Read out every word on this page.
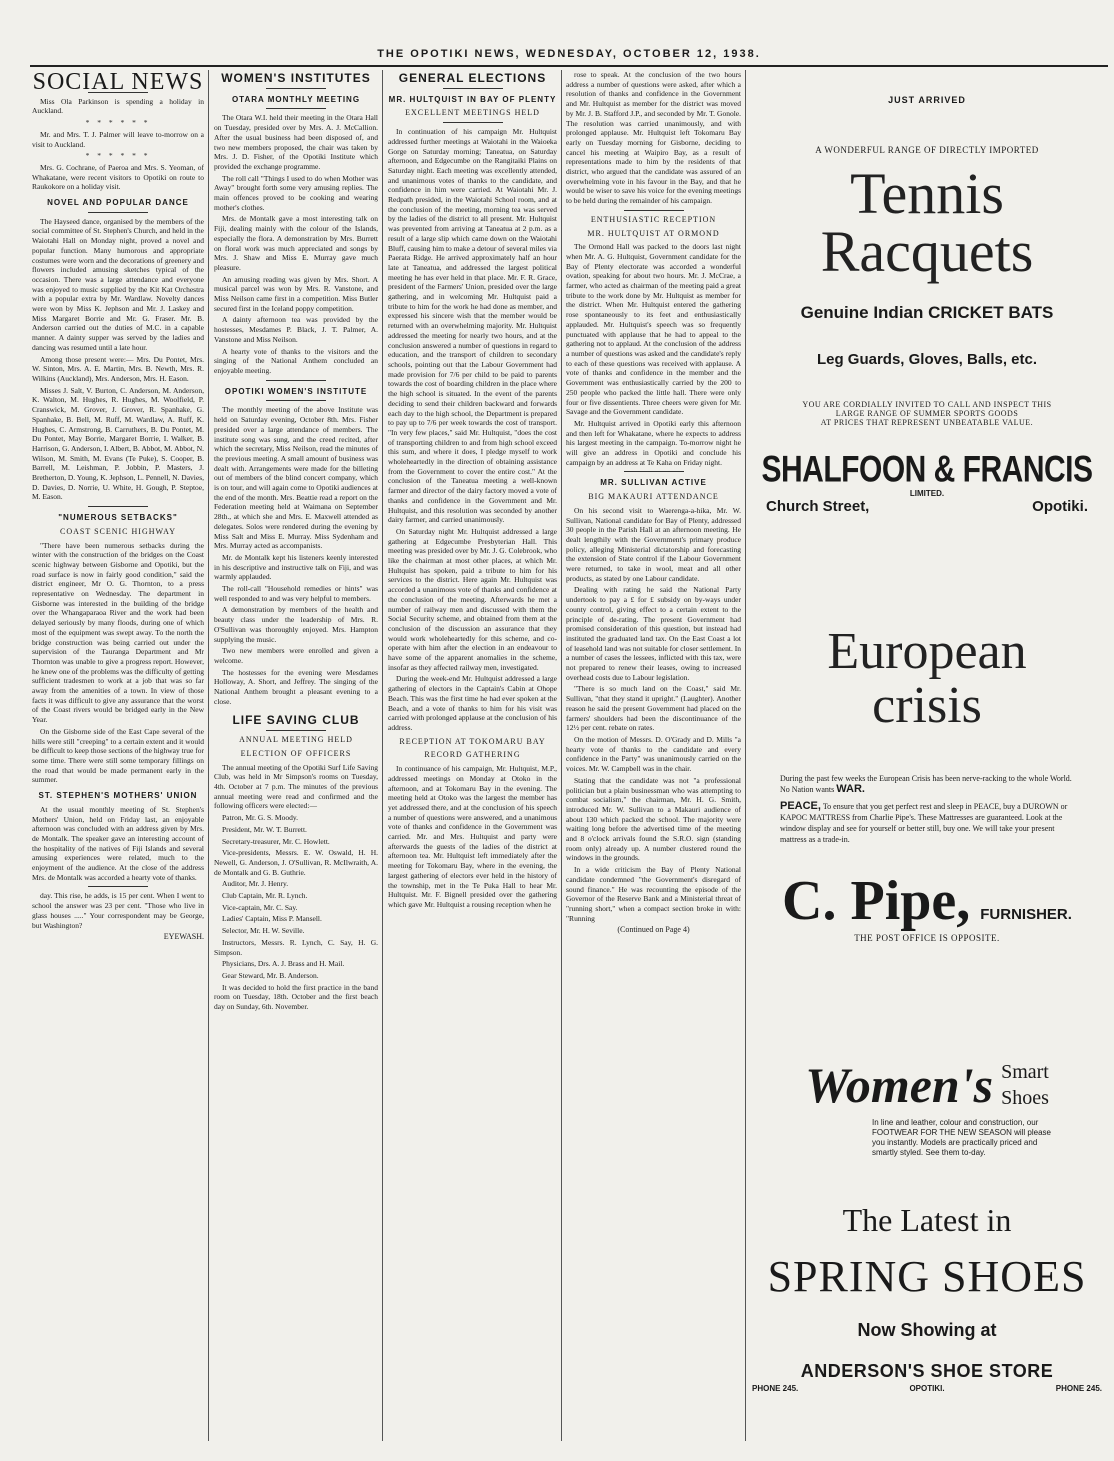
THE OPOTIKI NEWS, WEDNESDAY, OCTOBER 12, 1938.
SOCIAL NEWS

Miss Ola Parkinson is spending a holiday in Auckland.

* * * * * *

Mr. and Mrs. T. J. Palmer will leave to-morrow on a visit to Auckland.

* * * * * *

Mrs. G. Cochrane, of Paeroa and Mrs. S. Yeoman, of Whakatane, were recent visitors to Opotiki on route to Raukokore on a holiday visit.

NOVEL AND POPULAR DANCE

The Hayseed dance, organised by the members of the social committee of St. Stephen's Church, and held in the Waiotahi Hall on Monday night, proved a novel and popular function. Many humorous and appropriate costumes were worn and the decorations of greenery and flowers included amusing sketches typical of the occasion. There was a large attendance and everyone was enjoyed to music supplied by the Kit Kat Orchestra with a popular extra by Mr. Wardlaw. Novelty dances were won by Miss K. Jephson and Mr. J. Laskey and Miss Margaret Borrie and Mr. G. Fraser. Mr. B. Anderson carried out the duties of M.C. in a capable manner. A dainty supper was served by the ladies and dancing was resumed until a late hour.

Among those present were:— Mrs. Du Pontet, Mrs. W. Sinton, Mrs. A. E. Martin, Mrs. B. Newth, Mrs. R. Wilkins (Auckland), Mrs. Anderson, Mrs. H. Eason.

Misses J. Salt, V. Burton, C. Anderson, M. Anderson, K. Walton, M. Hughes, R. Hughes, M. Woolfield, P. Cranswick, M. Grover, J. Grover, R. Spanhake, G. Spanhake, B. Bell, M. Ruff, M. Wardlaw, A. Ruff, K. Hughes, C. Armstrong, B. Carruthers, B. Du Pontet, M. Du Pontet, May Borrie, Margaret Borrie, I. Walker, B. Harrison, G. Anderson, I. Albert, B. Abbot, M. Abbot, N. Wilson, M. Smith, M. Evans (Te Puke), S. Cooper, B. Barrell, M. Leishman, P. Jobbin, P. Masters, J. Bretherton, D. Young, K. Jephson, L. Pennell, N. Davies, D. Davies, D. Norrie, U. White, H. Gough, P. Steptoe, M. Eason.

"NUMEROUS SETBACKS"
COAST SCENIC HIGHWAY

"There have been numerous setbacks during the winter with the construction of the bridges on the Coast scenic highway between Gisborne and Opotiki, but the road surface is now in fairly good condition," said the district engineer, Mr O. G. Thornton, to a press representative on Wednesday. The department in Gisborne was interested in the building of the bridge over the Whangaparaoa River and the work had been delayed seriously by many floods, during one of which most of the equipment was swept away. To the north the bridge construction was being carried out under the supervision of the Tauranga Department and Mr Thornton was unable to give a progress report. However, he knew one of the problems was the difficulty of getting sufficient tradesmen to work at a job that was so far away from the amenities of a town. In view of those facts it was difficult to give any assurance that the worst of the Coast rivers would be bridged early in the New Year.

On the Gisborne side of the East Cape several of the hills were still "creeping" to a certain extent and it would be difficult to keep those sections of the highway true for some time. There were still some temporary fillings on the road that would be made permanent early in the summer.

ST. STEPHEN'S MOTHERS' UNION

At the usual monthly meeting of St. Stephen's Mothers' Union, held on Friday last, an enjoyable afternoon was concluded with an address given by Mrs. de Montalk. The speaker gave an interesting account of the hospitality of the natives of Fiji Islands and several amusing experiences were related, much to the enjoyment of the audience. At the close of the address Mrs. de Montalk was accorded a hearty vote of thanks.

day. This rise, he adds, is 15 per cent. When I went to school the answer was 23 per cent. "Those who live in glass houses ....." Your correspondent may be George, but Washington?

EYEWASH.
WOMEN'S INSTITUTES
OTARA MONTHLY MEETING

The Otara W.I. held their meeting in the Otara Hall on Tuesday, presided over by Mrs. A. J. McCallion. After the usual business had been disposed of, and two new members proposed, the chair was taken by Mrs. J. D. Fisher, of the Opotiki Institute which provided the exchange programme.

The roll call "Things I used to do when Mother was Away" brought forth some very amusing replies. The main offences proved to be cooking and wearing mother's clothes.

Mrs. de Montalk gave a most interesting talk on Fiji, dealing mainly with the colour of the Islands, especially the flora. A demonstration by Mrs. Burrett on floral work was much appreciated and songs by Mrs. J. Shaw and Miss E. Murray gave much pleasure.

An amusing reading was given by Mrs. Short. A musical parcel was won by Mrs. R. Vanstone, and Miss Neilson came first in a competition. Miss Butler secured first in the Iceland poppy competition.

A dainty afternoon tea was provided by the hostesses, Mesdames P. Black, J. T. Palmer, A. Vanstone and Miss Neilson.

A hearty vote of thanks to the visitors and the singing of the National Anthem concluded an enjoyable meeting.

OPOTIKI WOMEN'S INSTITUTE

The monthly meeting of the above Institute was held on Saturday evening, October 8th. Mrs. Fisher presided over a large attendance of members. The institute song was sung, and the creed recited, after which the secretary, Miss Neilson, read the minutes of the previous meeting. A small amount of business was dealt with. Arrangements were made for the billeting out of members of the blind concert company, which is on tour, and will again come to Opotiki audiences at the end of the month. Mrs. Beattie read a report on the Federation meeting held at Waimana on September 28th., at which she and Mrs. E. Maxwell attended as delegates. Solos were rendered during the evening by Miss Salt and Miss E. Murray. Miss Sydenham and Mrs. Murray acted as accompanists.

Mr. de Montalk kept his listeners keenly interested in his descriptive and instructive talk on Fiji, and was warmly applauded.

The roll-call "Household remedies or hints" was well responded to and was very helpful to members.

A demonstration by members of the health and beauty class under the leadership of Mrs. R. O'Sullivan was thoroughly enjoyed. Mrs. Hampton supplying the music.

Two new members were enrolled and given a welcome.

The hostesses for the evening were Mesdames Holloway, A. Short, and Jeffrey. The singing of the National Anthem brought a pleasant evening to a close.

LIFE SAVING CLUB
ANNUAL MEETING HELD
ELECTION OF OFFICERS

The annual meeting of the Opotiki Surf Life Saving Club, was held in Mr Simpson's rooms on Tuesday, 4th. October at 7 p.m. The minutes of the previous annual meeting were read and confirmed and the following officers were elected:—

Patron, Mr. G. S. Moody.

President, Mr. W. T. Burrett.

Secretary-treasurer, Mr. C. Howlett.

Vice-presidents, Messrs. E. W. Oswald, H. H. Newell, G. Anderson, J. O'Sullivan, R. McIlwraith, A. de Montalk and G. B. Guthrie.

Auditor, Mr. J. Henry.

Club Captain, Mr. R. Lynch.

Vice-captain, Mr. C. Say.

Ladies' Captain, Miss P. Mansell.

Selector, Mr. H. W. Seville.

Instructors, Messrs. R. Lynch, C. Say, H. G. Simpson.

Physicians, Drs. A. J. Brass and H. Mail.

Gear Steward, Mr. B. Anderson.

It was decided to hold the first practice in the band room on Tuesday, 18th. October and the first beach day on Sunday, 6th. November.

GENERAL ELECTIONS
MR. HULTQUIST IN BAY OF PLENTY
EXCELLENT MEETINGS HELD

In continuation of his campaign Mr. Hultquist addressed further meetings at Waiotahi in the Waioeka Gorge on Saturday morning; Taneatua, on Saturday afternoon, and Edgecumbe on the Rangitaiki Plains on Saturday night. Each meeting was excellently attended, and unanimous votes of thanks to the candidate, and confidence in him were carried. At Waiotahi Mr. J. Redpath presided, in the Waiotahi School room, and at the conclusion of the meeting, morning tea was served by the ladies of the district to all present. Mr. Hultquist was prevented from arriving at Taneatua at 2 p.m. as a result of a large slip which came down on the Waiotahi Bluff, causing him to make a detour of several miles via Paerata Ridge. He arrived approximately half an hour late at Taneatua, and addressed the largest political meeting he has ever held in that place. Mr. F. R. Grace, president of the Farmers' Union, presided over the large gathering, and in welcoming Mr. Hultquist paid a tribute to him for the work he had done as member, and expressed his sincere wish that the member would be returned with an overwhelming majority. Mr. Hultquist addressed the meeting for nearly two hours, and at the conclusion answered a number of questions in regard to education, and the transport of children to secondary schools, pointing out that the Labour Government had made provision for 7/6 per child to be paid to parents towards the cost of boarding children in the place where the high school is situated. In the event of the parents deciding to send their children backward and forwards each day to the high school, the Department is prepared to pay up to 7/6 per week towards the cost of transport. "In very few places," said Mr. Hultquist, "does the cost of transporting children to and from high school exceed this sum, and where it does, I pledge myself to work wholeheartedly in the direction of obtaining assistance from the Government to cover the entire cost." At the conclusion of the Taneatua meeting a well-known farmer and director of the dairy factory moved a vote of thanks and confidence in the Government and Mr. Hultquist, and this resolution was seconded by another dairy farmer, and carried unanimously.

On Saturday night Mr. Hultquist addressed a large gathering at Edgecumbe Presbyterian Hall. This meeting was presided over by Mr. J. G. Colebrook, who like the chairman at most other places, at which Mr. Hultquist has spoken, paid a tribute to him for his services to the district. Here again Mr. Hultquist was accorded a unanimous vote of thanks and confidence at the conclusion of the meeting. Afterwards he met a number of railway men and discussed with them the Social Security scheme, and obtained from them at the conclusion of the discussion an assurance that they would work wholeheartedly for this scheme, and co-operate with him after the election in an endeavour to have some of the apparent anomalies in the scheme, insofar as they affected railway men, investigated.

During the week-end Mr. Hultquist addressed a large gathering of electors in the Captain's Cabin at Ohope Beach. This was the first time he had ever spoken at the Beach, and a vote of thanks to him for his visit was carried with prolonged applause at the conclusion of his address.

RECEPTION AT TOKOMARU BAY
RECORD GATHERING

In continuance of his campaign, Mr. Hultquist, M.P., addressed meetings on Monday at Otoko in the afternoon, and at Tokomaru Bay in the evening. The meeting held at Otoko was the largest the member has yet addressed there, and at the conclusion of his speech a number of questions were answered, and a unanimous vote of thanks and confidence in the Government was carried. Mr. and Mrs. Hultquist and party were afterwards the guests of the ladies of the district at afternoon tea. Mr. Hultquist left immediately after the meeting for Tokomaru Bay, where in the evening, the largest gathering of electors ever held in the history of the township, met in the Te Puka Hall to hear Mr. Hultquist. Mr. F. Bignell presided over the gathering which gave Mr. Hultquist a rousing reception when he

rose to speak. At the conclusion of the two hours address a number of questions were asked, after which a resolution of thanks and confidence in the Government and Mr. Hultquist as member for the district was moved by Mr. J. B. Stafford J.P., and seconded by Mr. T. Gonole. The resolution was carried unanimously, and with prolonged applause. Mr. Hultquist left Tokomaru Bay early on Tuesday morning for Gisborne, deciding to cancel his meeting at Waipiro Bay, as a result of representations made to him by the residents of that district, who argued that the candidate was assured of an overwhelming vote in his favour in the Bay, and that he would be wiser to save his voice for the evening meetings to be held during the remainder of his campaign.

ENTHUSIASTIC RECEPTION
MR. HULTQUIST AT ORMOND

The Ormond Hall was packed to the doors last night when Mr. A. G. Hultquist, Government candidate for the Bay of Plenty electorate was accorded a wonderful ovation, speaking for about two hours. Mr. J. McCrae, a farmer, who acted as chairman of the meeting paid a great tribute to the work done by Mr. Hultquist as member for the district. When Mr. Hultquist entered the gathering rose spontaneously to its feet and enthusiastically applauded. Mr. Hultquist's speech was so frequently punctuated with applause that he had to appeal to the gathering not to applaud. At the conclusion of the address a number of questions was asked and the candidate's reply to each of these questions was received with applause. A vote of thanks and confidence in the member and the Government was enthusiastically carried by the 200 to 250 people who packed the little hall. There were only four or five dissentients. Three cheers were given for Mr. Savage and the Government candidate.

Mr. Hultquist arrived in Opotiki early this afternoon and then left for Whakatane, where he expects to address his largest meeting in the campaign. To-morrow night he will give an address in Opotiki and conclude his campaign by an address at Te Kaha on Friday night.

MR. SULLIVAN ACTIVE
BIG MAKAURI ATTENDANCE

On his second visit to Waerenga-a-hika, Mr. W. Sullivan, National candidate for Bay of Plenty, addressed 30 people in the Parish Hall at an afternoon meeting. He dealt lengthily with the Government's primary produce policy, alleging Ministerial dictatorship and forecasting the extension of State control if the Labour Government were returned, to take in wool, meat and all other products, as stated by one Labour candidate.

Dealing with rating he said the National Party undertook to pay a £ for £ subsidy on by-ways under county control, giving effect to a certain extent to the principle of de-rating. The present Government had promised consideration of this question, but instead had instituted the graduated land tax. On the East Coast a lot of leasehold land was not suitable for closer settlement. In a number of cases the lessees, inflicted with this tax, were not prepared to renew their leases, owing to increased overhead costs due to Labour legislation.

"There is so much land on the Coast," said Mr. Sullivan, "that they stand it upright." (Laughter). Another reason he said the present Government had placed on the farmers' shoulders had been the discontinuance of the 12½ per cent. rebate on rates.

On the motion of Messrs. D. O'Grady and D. Mills "a hearty vote of thanks to the candidate and every confidence in the Party" was unanimously carried on the voices. Mr. W. Campbell was in the chair.

Stating that the candidate was not "a professional politician but a plain businessman who was attempting to combat socialism," the chairman, Mr. H. G. Smith, introduced Mr. W. Sullivan to a Makauri audience of about 130 which packed the school. The majority were waiting long before the advertised time of the meeting and 8 o'clock arrivals found the S.R.O. sign (standing room only) already up. A number clustered round the windows in the grounds.

In a wide criticism the Bay of Plenty National candidate condemned "the Government's disregard of sound finance." He was recounting the episode of the Governor of the Reserve Bank and a Ministerial threat of "running short," when a compact section broke in with: "Running

(Continued on Page 4)
JUST ARRIVED
A WONDERFUL RANGE OF DIRECTLY IMPORTED
Tennis
Racquets
Genuine Indian CRICKET BATS
Leg Guards, Gloves, Balls, etc.
YOU ARE CORDIALLY INVITED TO CALL AND INSPECT THIS
LARGE RANGE OF SUMMER SPORTS GOODS
AT PRICES THAT REPRESENT UNBEATABLE VALUE.
SHALFOON & FRANCIS
LIMITED.
Church Street,	Opotiki.
European
crisis
During the past few weeks the European Crisis has been nerve-racking to the whole World. No Nation wants WAR.
PEACE, To ensure that you get perfect rest and sleep in PEACE, buy a DUROWN or KAPOC MATTRESS from Charlie Pipe's. These Mattresses are guaranteed. Look at the window display and see for yourself or better still, buy one. We will take your present mattress as a trade-in.
C. Pipe, FURNISHER.
THE POST OFFICE IS OPPOSITE.
Women's Smart
Shoes
In line and leather, colour and construction, our FOOTWEAR FOR THE NEW SEASON will please you instantly. Models are practically priced and smartly styled. See them to-day.
The Latest in
SPRING SHOES
Now Showing at
ANDERSON'S SHOE STORE
PHONE 245.	OPOTIKI.	PHONE 245.
